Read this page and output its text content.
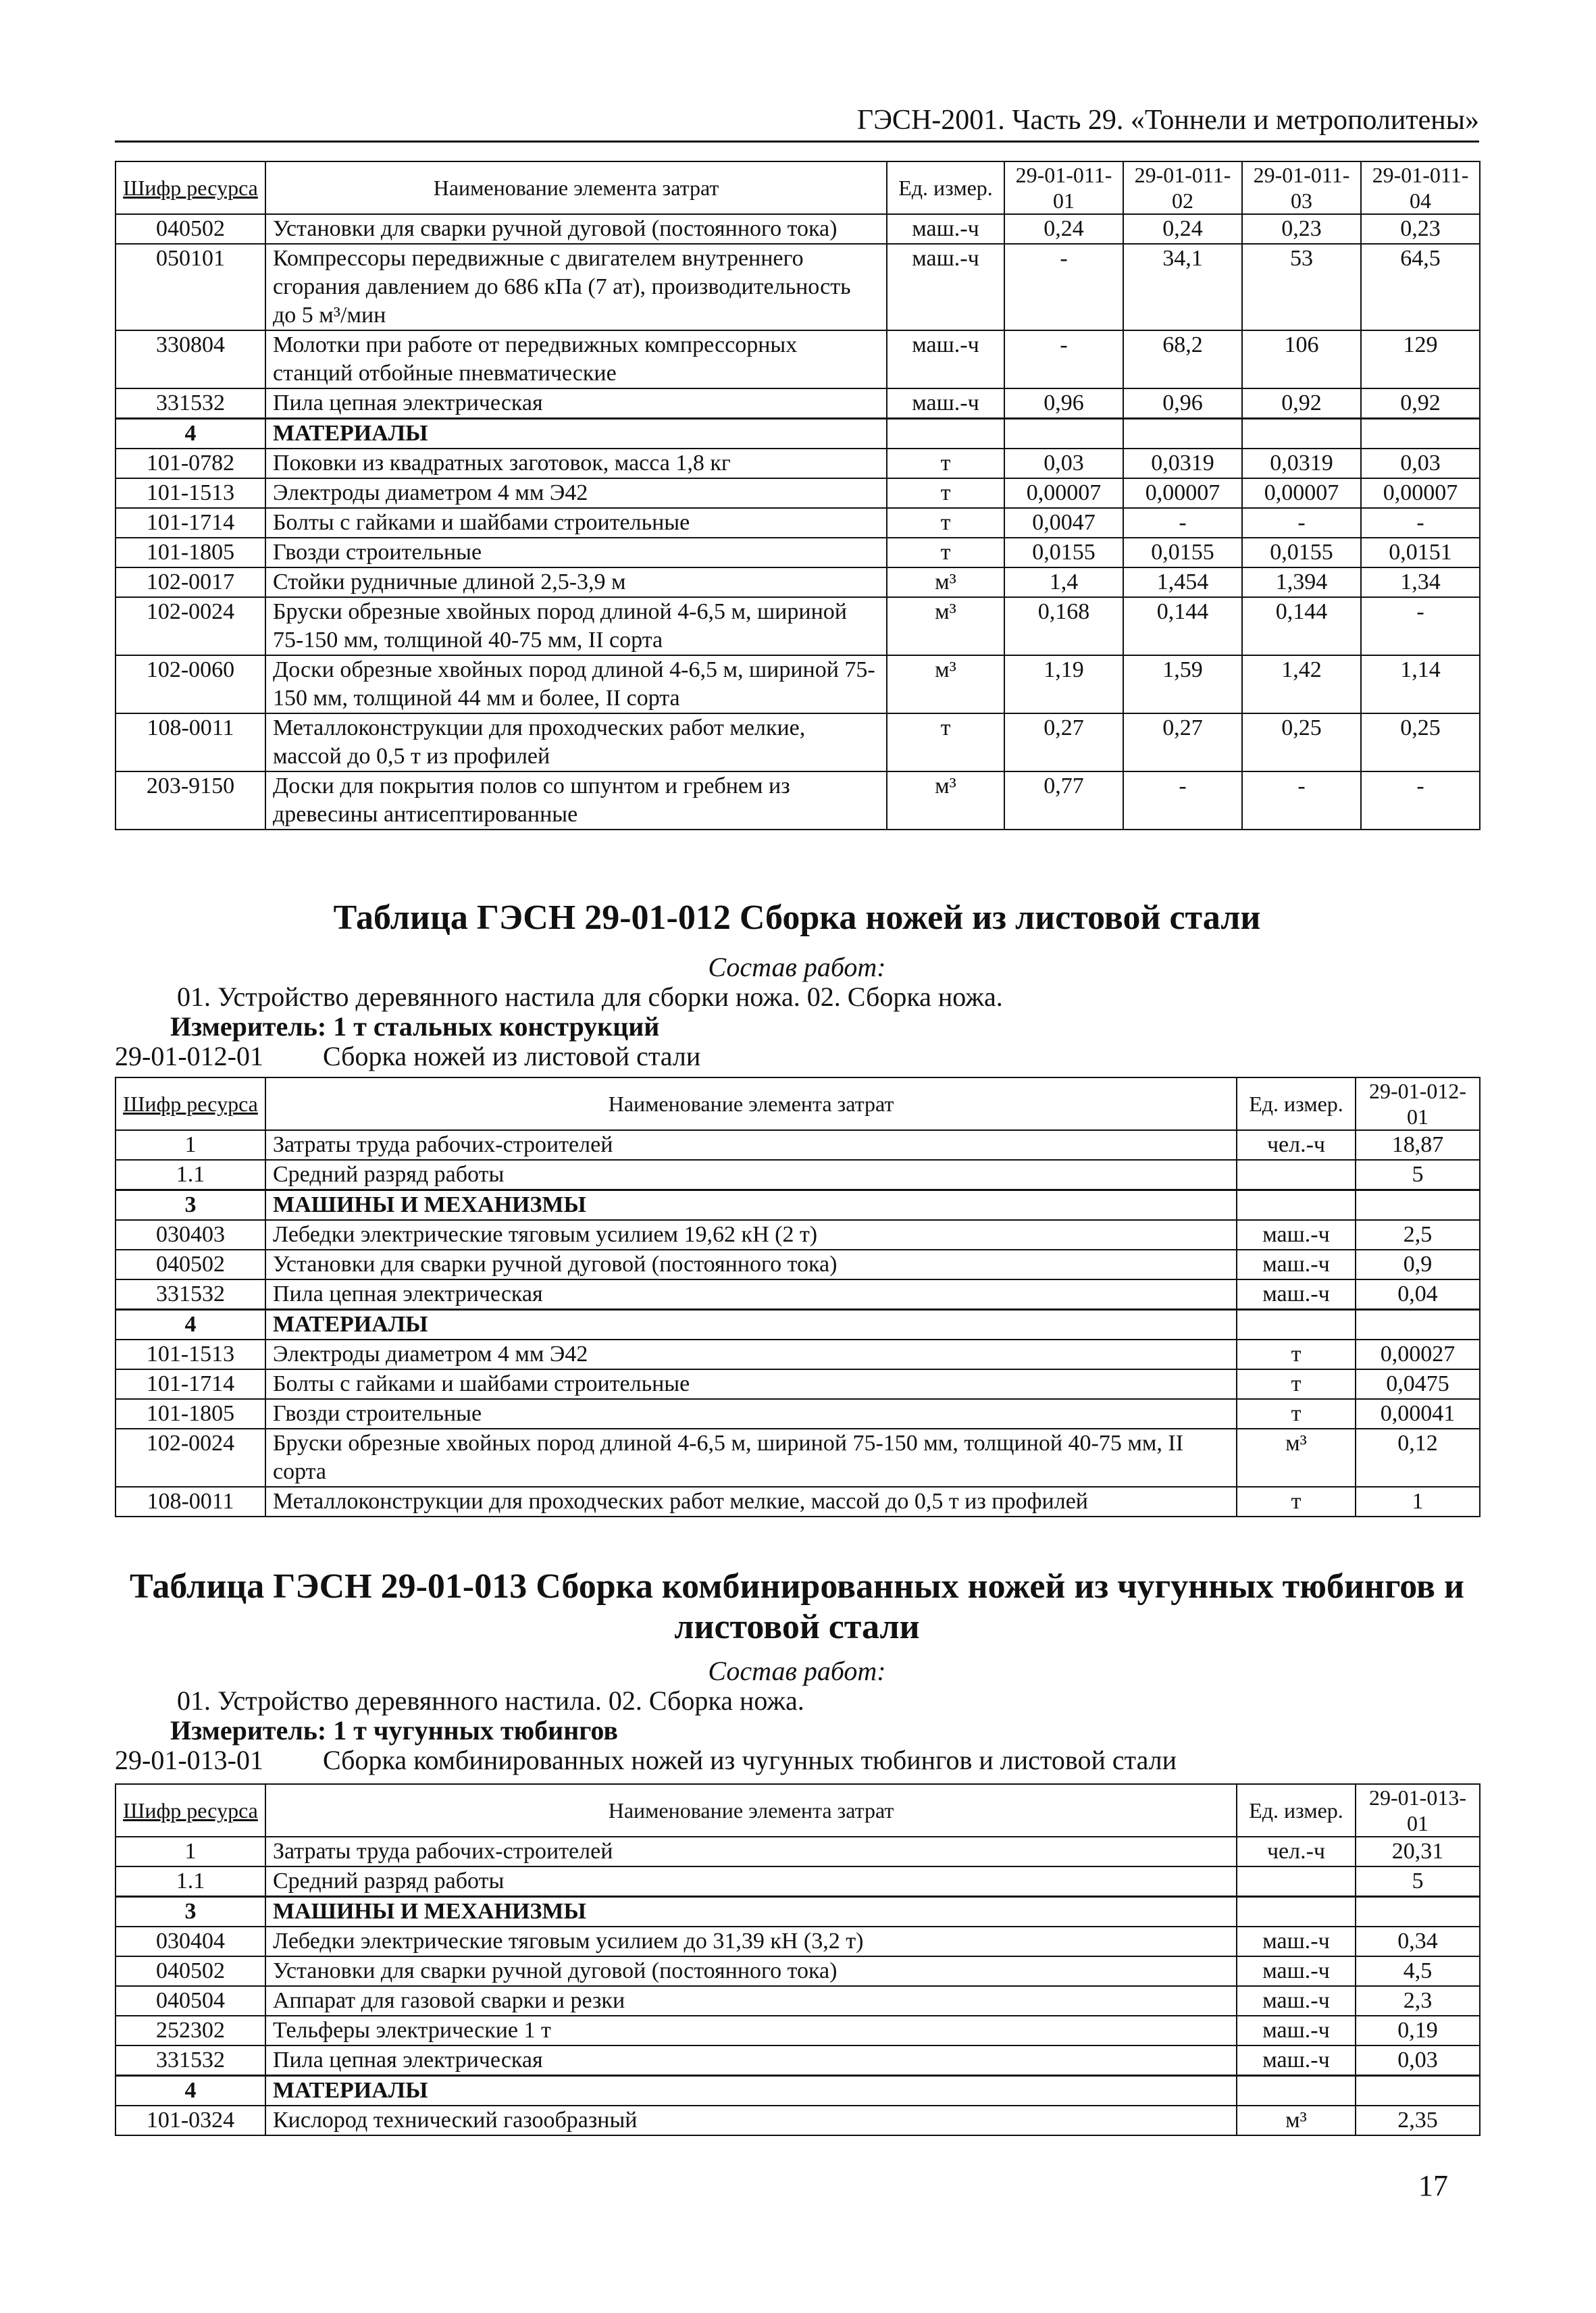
ГЭСН-2001. Часть 29. «Тоннели и метрополитены»
Шифр ресурса	Наименование элемента затрат	Ед. измер.	29-01-011-01	29-01-011-02	29-01-011-03	29-01-011-04
040502	Установки для сварки ручной дуговой (постоянного тока)	маш.-ч	0,24	0,24	0,23	0,23
050101	Компрессоры передвижные с двигателем внутреннего сгорания давлением до 686 кПа (7 ат), производительность до 5 м³/мин	маш.-ч	-	34,1	53	64,5
330804	Молотки при работе от передвижных компрессорных станций отбойные пневматические	маш.-ч	-	68,2	106	129
331532	Пила цепная электрическая	маш.-ч	0,96	0,96	0,92	0,92
4	МАТЕРИАЛЫ					
101-0782	Поковки из квадратных заготовок, масса 1,8 кг	т	0,03	0,0319	0,0319	0,03
101-1513	Электроды диаметром 4 мм Э42	т	0,00007	0,00007	0,00007	0,00007
101-1714	Болты с гайками и шайбами строительные	т	0,0047	-	-	-
101-1805	Гвозди строительные	т	0,0155	0,0155	0,0155	0,0151
102-0017	Стойки рудничные длиной 2,5-3,9 м	м³	1,4	1,454	1,394	1,34
102-0024	Бруски обрезные хвойных пород длиной 4-6,5 м, шириной 75-150 мм, толщиной 40-75 мм, II сорта	м³	0,168	0,144	0,144	-
102-0060	Доски обрезные хвойных пород длиной 4-6,5 м, шириной 75-150 мм, толщиной 44 мм и более, II сорта	м³	1,19	1,59	1,42	1,14
108-0011	Металлоконструкции для проходческих работ мелкие, массой до 0,5 т из профилей	т	0,27	0,27	0,25	0,25
203-9150	Доски для покрытия полов со шпунтом и гребнем из древесины антисептированные	м³	0,77	-	-	-
Таблица ГЭСН 29-01-012 Сборка ножей из листовой стали
Состав работ:
01. Устройство деревянного настила для сборки ножа. 02. Сборка ножа.
Измеритель: 1 т стальных конструкций
29-01-012-01 Сборка ножей из листовой стали
Шифр ресурса	Наименование элемента затрат	Ед. измер.	29-01-012-01
1	Затраты труда рабочих-строителей	чел.-ч	18,87
1.1	Средний разряд работы		5
3	МАШИНЫ И МЕХАНИЗМЫ		
030403	Лебедки электрические тяговым усилием 19,62 кН (2 т)	маш.-ч	2,5
040502	Установки для сварки ручной дуговой (постоянного тока)	маш.-ч	0,9
331532	Пила цепная электрическая	маш.-ч	0,04
4	МАТЕРИАЛЫ		
101-1513	Электроды диаметром 4 мм Э42	т	0,00027
101-1714	Болты с гайками и шайбами строительные	т	0,0475
101-1805	Гвозди строительные	т	0,00041
102-0024	Бруски обрезные хвойных пород длиной 4-6,5 м, шириной 75-150 мм, толщиной 40-75 мм, II сорта	м³	0,12
108-0011	Металлоконструкции для проходческих работ мелкие, массой до 0,5 т из профилей	т	1
Таблица ГЭСН 29-01-013 Сборка комбинированных ножей из чугунных тюбингов и
листовой стали
Состав работ:
01. Устройство деревянного настила. 02. Сборка ножа.
Измеритель: 1 т чугунных тюбингов
29-01-013-01 Сборка комбинированных ножей из чугунных тюбингов и листовой стали
Шифр ресурса	Наименование элемента затрат	Ед. измер.	29-01-013-01
1	Затраты труда рабочих-строителей	чел.-ч	20,31
1.1	Средний разряд работы		5
3	МАШИНЫ И МЕХАНИЗМЫ		
030404	Лебедки электрические тяговым усилием до 31,39 кН (3,2 т)	маш.-ч	0,34
040502	Установки для сварки ручной дуговой (постоянного тока)	маш.-ч	4,5
040504	Аппарат для газовой сварки и резки	маш.-ч	2,3
252302	Тельферы электрические 1 т	маш.-ч	0,19
331532	Пила цепная электрическая	маш.-ч	0,03
4	МАТЕРИАЛЫ		
101-0324	Кислород технический газообразный	м³	2,35
17
